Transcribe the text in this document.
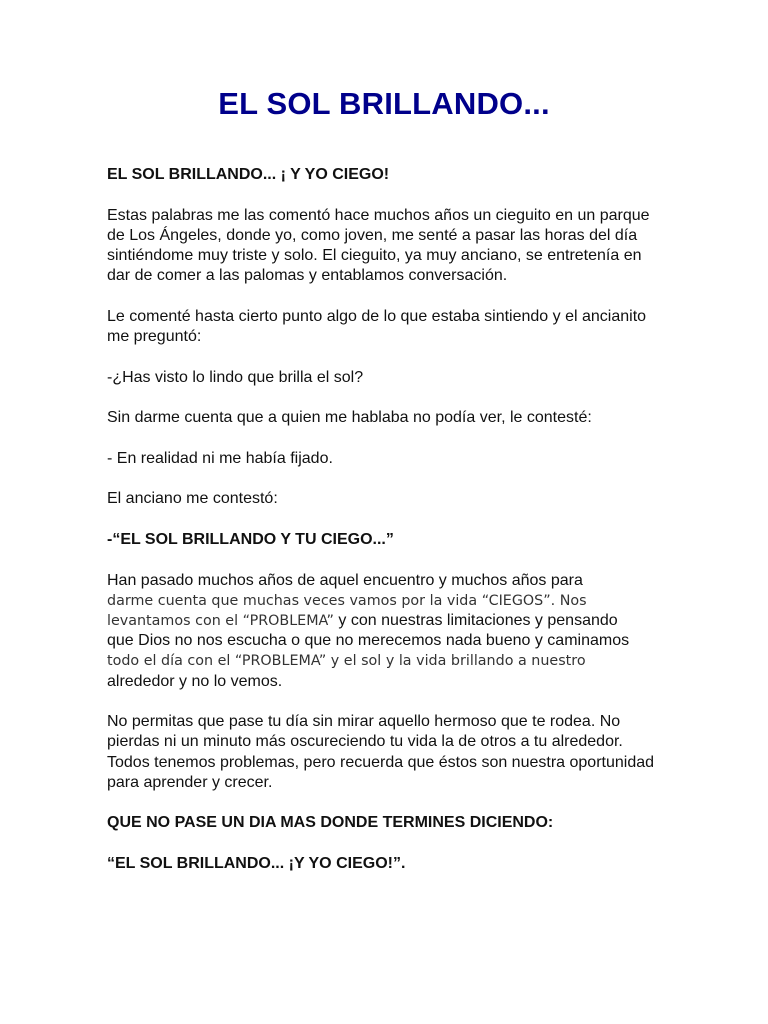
EL SOL BRILLANDO...

EL SOL BRILLANDO... ¡ Y YO CIEGO!

Estas palabras me las comentó hace muchos años un cieguito en un parque de Los Ángeles, donde yo, como joven, me senté a pasar las horas del día sintiéndome muy triste y solo. El cieguito, ya muy anciano, se entretenía en dar de comer a las palomas y entablamos conversación.

Le comenté hasta cierto punto algo de lo que estaba sintiendo y el ancianito me preguntó:

-¿Has visto lo lindo que brilla el sol?

Sin darme cuenta que a quien me hablaba no podía ver, le contesté:

- En realidad ni me había fijado.

El anciano me contestó:

-“EL SOL BRILLANDO Y TU CIEGO...”

Han pasado muchos años de aquel encuentro y muchos años para
darme cuenta que muchas veces vamos por la vida “CIEGOS”. Nos
levantamos con el “PROBLEMA” y con nuestras limitaciones y pensando
que Dios no nos escucha o que no merecemos nada bueno y caminamos
todo el día con el “PROBLEMA” y el sol y la vida brillando a nuestro
alrededor y no lo vemos.

No permitas que pase tu día sin mirar aquello hermoso que te rodea. No pierdas ni un minuto más oscureciendo tu vida la de otros a tu alrededor. Todos tenemos problemas, pero recuerda que éstos son nuestra oportunidad para aprender y crecer.

QUE NO PASE UN DIA MAS DONDE TERMINES DICIENDO:

“EL SOL BRILLANDO... ¡Y YO CIEGO!”.
